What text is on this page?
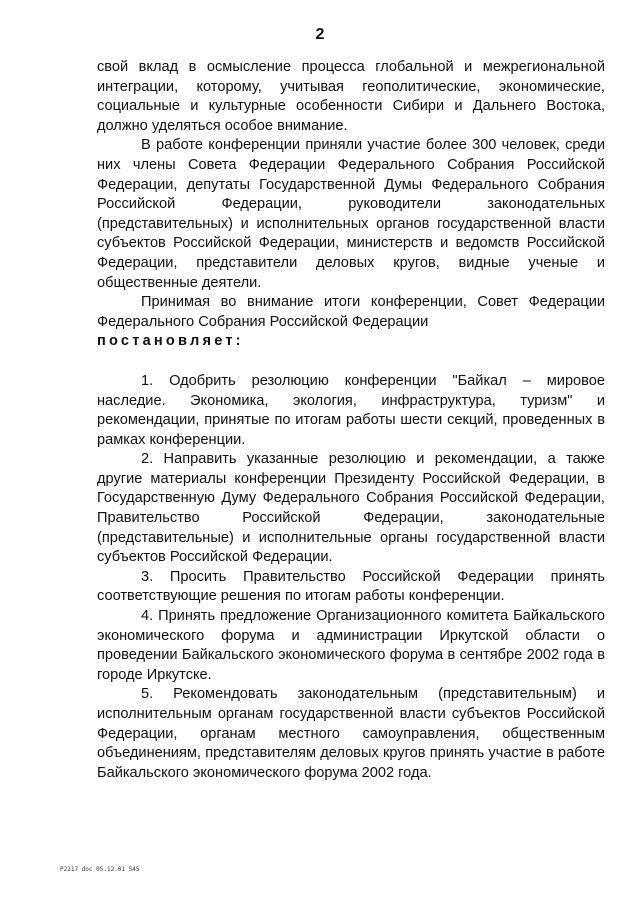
2

свой вклад в осмысление процесса глобальной и межрегиональной интеграции, которому, учитывая геополитические, экономические, социальные и культурные особенности Сибири и Дальнего Востока, должно уделяться особое внимание.

В работе конференции приняли участие более 300 человек, среди них члены Совета Федерации Федерального Собрания Российской Федерации, депутаты Государственной Думы Федерального Собрания Российской Федерации, руководители законодательных (представительных) и исполнительных органов государственной власти субъектов Российской Федерации, министерств и ведомств Российской Федерации, представители деловых кругов, видные ученые и общественные деятели.

Принимая во внимание итоги конференции, Совет Федерации Федерального Собрания Российской Федерации

постановляет:

1. Одобрить резолюцию конференции "Байкал – мировое наследие. Экономика, экология, инфраструктура, туризм" и рекомендации, принятые по итогам работы шести секций, проведенных в рамках конференции.

2. Направить указанные резолюцию и рекомендации, а также другие материалы конференции Президенту Российской Федерации, в Государственную Думу Федерального Собрания Российской Федерации, Правительство Российской Федерации, законодательные (представительные) и исполнительные органы государственной власти субъектов Российской Федерации.

3. Просить Правительство Российской Федерации принять соответствующие решения по итогам работы конференции.

4. Принять предложение Организационного комитета Байкальского экономического форума и администрации Иркутской области о проведении Байкальского экономического форума в сентябре 2002 года в городе Иркутске.

5. Рекомендовать законодательным (представительным) и исполнительным органам государственной власти субъектов Российской Федерации, органам местного самоуправления, общественным объединениям, представителям деловых кругов принять участие в работе Байкальского экономического форума 2002 года.

P2217 doc 05.12.01 545
